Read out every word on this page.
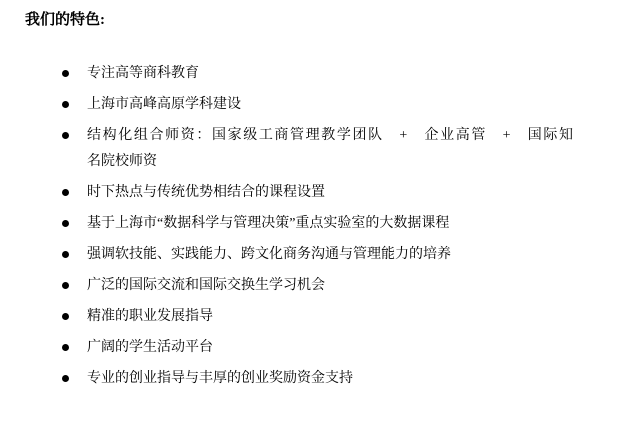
我们的特色:
专注高等商科教育
上海市高峰高原学科建设
结构化组合师资：国家级工商管理教学团队　+　企业高管　+　国际知
名院校师资
时下热点与传统优势相结合的课程设置
基于上海市“数据科学与管理决策”重点实验室的大数据课程
强调软技能、实践能力、跨文化商务沟通与管理能力的培养
广泛的国际交流和国际交换生学习机会
精准的职业发展指导
广阔的学生活动平台
专业的创业指导与丰厚的创业奖励资金支持
